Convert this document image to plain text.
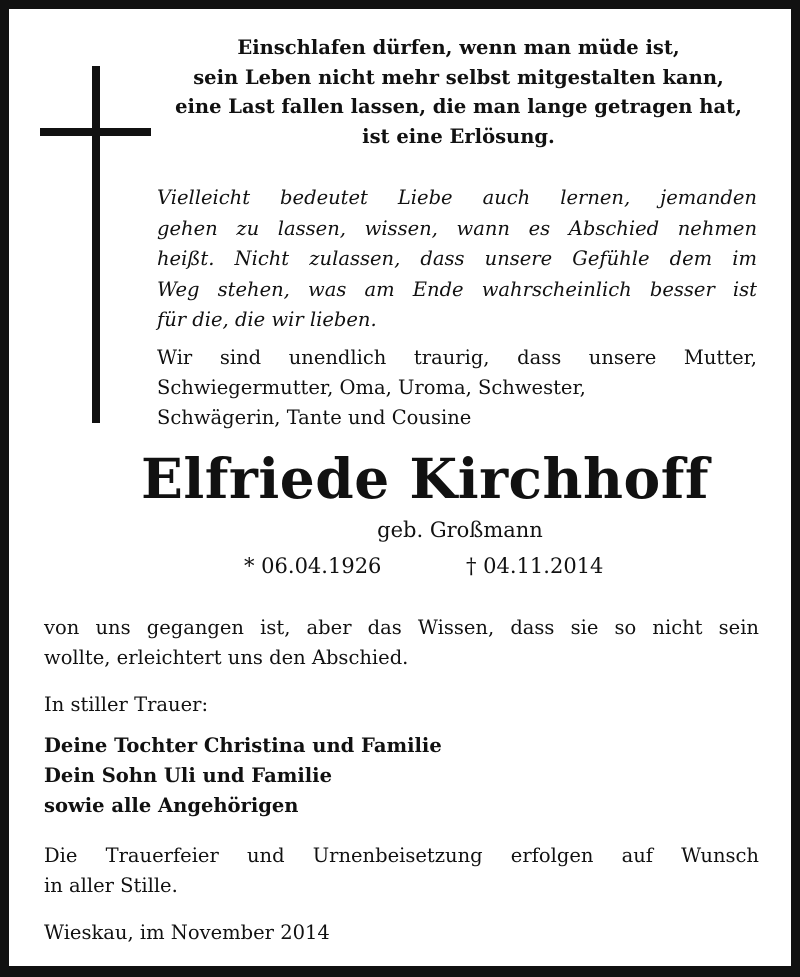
Einschlafen dürfen, wenn man müde ist,
sein Leben nicht mehr selbst mitgestalten kann,
eine Last fallen lassen, die man lange getragen hat,
ist eine Erlösung.
Vielleicht bedeutet Liebe auch lernen, jemanden
gehen zu lassen, wissen, wann es Abschied nehmen
heißt. Nicht zulassen, dass unsere Gefühle dem im
Weg stehen, was am Ende wahrscheinlich besser ist
für die, die wir lieben.
Wir sind unendlich traurig, dass unsere Mutter,
Schwiegermutter, Oma, Uroma, Schwester,
Schwägerin, Tante und Cousine
Elfriede Kirchhoff
geb. Großmann
* 06.04.1926	† 04.11.2014
von uns gegangen ist, aber das Wissen, dass sie so nicht sein
wollte, erleichtert uns den Abschied.
In stiller Trauer:
Deine Tochter Christina und Familie
Dein Sohn Uli und Familie
sowie alle Angehörigen
Die Trauerfeier und Urnenbeisetzung erfolgen auf Wunsch
in aller Stille.
Wieskau, im November 2014
